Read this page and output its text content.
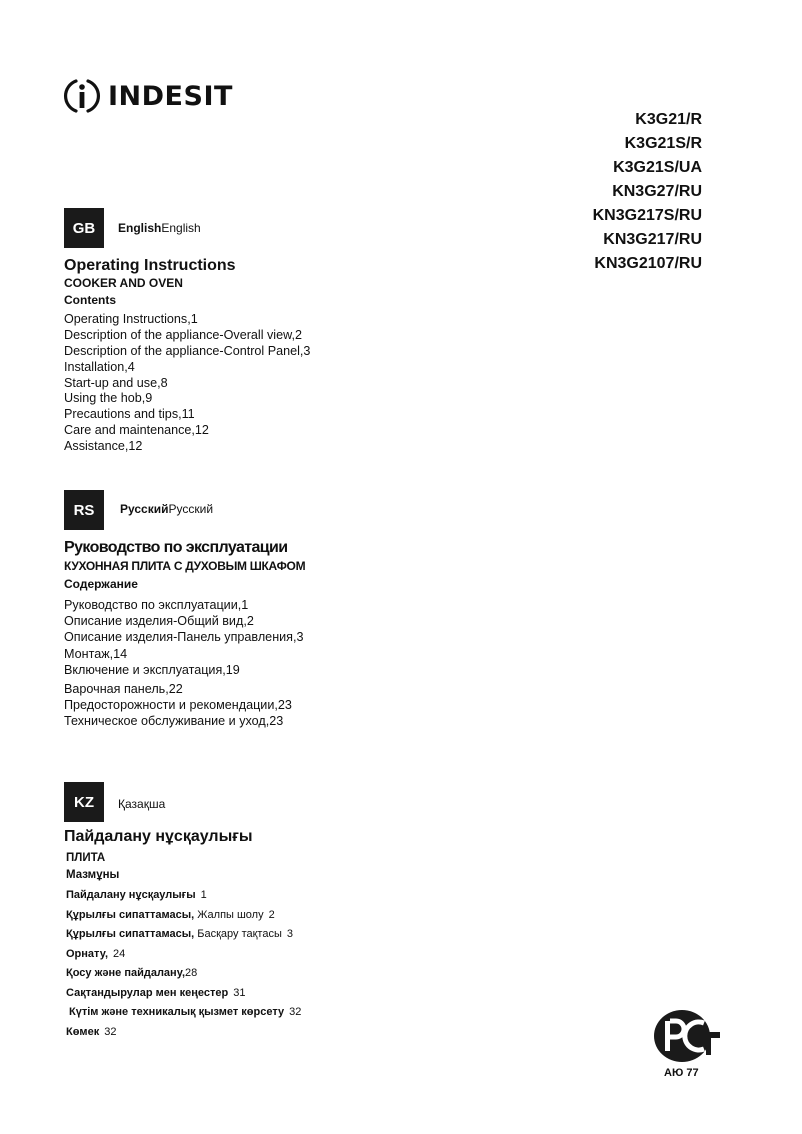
INDESIT
K3G21/R
K3G21S/R
K3G21S/UA
KN3G27/RU
KN3G217S/RU
KN3G217/RU
KN3G2107/RU
GB	EnglishEnglish
Operating Instructions
COOKER AND OVEN
Contents
Operating Instructions,1
Description of the appliance-Overall view,2
Description of the appliance-Control Panel,3
Installation,4
Start-up and use,8
Using the hob,9
Precautions and tips,11
Care and maintenance,12
Assistance,12
RS	РусскийРусский
Руководство по эксплуатации
КУХОННАЯ ПЛИТА С ДУХОВЫМ ШКАФОМ
Содержание
Руководство по эксплуатации,1
Описание изделия-Общий вид,2
Описание изделия-Панель управления,3
Монтаж,14
Включение и эксплуатация,19
Варочная панель,22
Предосторожности и рекомендации,23
Техническое обслуживание и уход,23
KZ	Қазақша
Пайдалану нұсқаулығы
ПЛИТА
Мазмұны
Пайдалану нұсқаулығы 1
Құрылғы сипаттамасы, Жалпы шолу 2
Құрылғы сипаттамасы, Басқару тақтасы 3
Орнату, 24
Қосу және пайдалану,28
Сақтандырулар мен кеңестер 31
Күтім және техникалық қызмет көрсету 32
Көмек 32
АЮ 77
